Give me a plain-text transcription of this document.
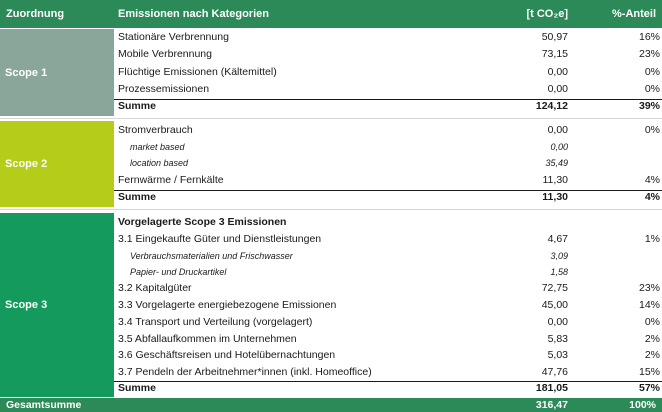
Zuordnung	Emissionen nach Kategorien	[t CO₂e]	%-Anteil
Scope 1
Stationäre Verbrennung	50,97	16%
Mobile Verbrennung	73,15	23%
Flüchtige Emissionen (Kältemittel)	0,00	0%
Prozessemissionen	0,00	0%
Summe	124,12	39%
Scope 2
Stromverbrauch	0,00	0%
market based	0,00
location based	35,49
Fernwärme / Fernkälte	11,30	4%
Summe	11,30	4%
Scope 3
Vorgelagerte Scope 3 Emissionen
3.1 Eingekaufte Güter und Dienstleistungen	4,67	1%
Verbrauchsmaterialien und Frischwasser	3,09
Papier- und Druckartikel	1,58
3.2 Kapitalgüter	72,75	23%
3.3 Vorgelagerte energiebezogene Emissionen	45,00	14%
3.4 Transport und Verteilung (vorgelagert)	0,00	0%
3.5 Abfallaufkommen im Unternehmen	5,83	2%
3.6 Geschäftsreisen und Hotelübernachtungen	5,03	2%
3.7 Pendeln der Arbeitnehmer*innen (inkl. Homeoffice)	47,76	15%
Summe	181,05	57%
Gesamtsumme	316,47	100%
